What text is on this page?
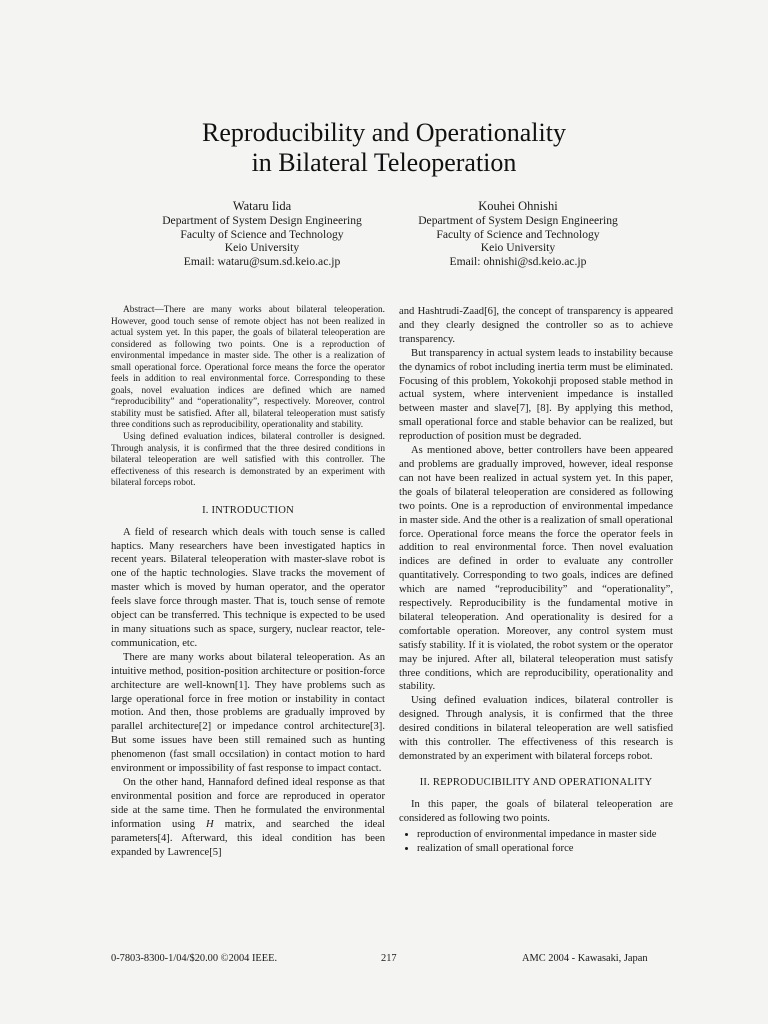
Reproducibility and Operationality
in Bilateral Teleoperation
Wataru Iida
Department of System Design Engineering
Faculty of Science and Technology
Keio University
Email: wataru@sum.sd.keio.ac.jp
Kouhei Ohnishi
Department of System Design Engineering
Faculty of Science and Technology
Keio University
Email: ohnishi@sd.keio.ac.jp

Abstract—There are many works about bilateral teleoperation. However, good touch sense of remote object has not been realized in actual system yet. In this paper, the goals of bilateral teleoperation are considered as following two points. One is a reproduction of environmental impedance in master side. The other is a realization of small operational force. Operational force means the force the operator feels in addition to real environmental force. Corresponding to these goals, novel evaluation indices are defined which are named “reproducibility” and “operationality”, respectively. Moreover, control stability must be satisfied. After all, bilateral teleoperation must satisfy three conditions such as reproducibility, operationality and stability.

Using defined evaluation indices, bilateral controller is designed. Through analysis, it is confirmed that the three desired conditions in bilateral teleoperation are well satisfied with this controller. The effectiveness of this research is demonstrated by an experiment with bilateral forceps robot.

I. INTRODUCTION

A field of research which deals with touch sense is called haptics. Many researchers have been investigated haptics in recent years. Bilateral teleoperation with master-slave robot is one of the haptic technologies. Slave tracks the movement of master which is moved by human operator, and the operator feels slave force through master. That is, touch sense of remote object can be transferred. This technique is expected to be used in many situations such as space, surgery, nuclear reactor, tele-communication, etc.

There are many works about bilateral teleoperation. As an intuitive method, position-position architecture or position-force architecture are well-known[1]. They have problems such as large operational force in free motion or instability in contact motion. And then, those problems are gradually improved by parallel architecture[2] or impedance control architecture[3]. But some issues have been still remained such as hunting phenomenon (fast small occsilation) in contact motion to hard environment or impossibility of fast response to impact contact.

On the other hand, Hannaford defined ideal response as that environmental position and force are reproduced in operator side at the same time. Then he formulated the environmental information using H matrix, and searched the ideal parameters[4]. Afterward, this ideal condition has been expanded by Lawrence[5]

and Hashtrudi-Zaad[6], the concept of transparency is appeared and they clearly designed the controller so as to achieve transparency.

But transparency in actual system leads to instability because the dynamics of robot including inertia term must be eliminated. Focusing of this problem, Yokokohji proposed stable method in actual system, where intervenient impedance is installed between master and slave[7], [8]. By applying this method, small operational force and stable behavior can be realized, but reproduction of position must be degraded.

As mentioned above, better controllers have been appeared and problems are gradually improved, however, ideal response can not have been realized in actual system yet. In this paper, the goals of bilateral teleoperation are considered as following two points. One is a reproduction of environmental impedance in master side. And the other is a realization of small operational force. Operational force means the force the operator feels in addition to real environmental force. Then novel evaluation indices are defined in order to evaluate any controller quantitatively. Corresponding to two goals, indices are defined which are named “reproducibility” and “operationality”, respectively. Reproducibility is the fundamental motive in bilateral teleoperation. And operationality is desired for a comfortable operation. Moreover, any control system must satisfy stability. If it is violated, the robot system or the operator may be injured. After all, bilateral teleoperation must satisfy three conditions, which are reproducibility, operationality and stability.

Using defined evaluation indices, bilateral controller is designed. Through analysis, it is confirmed that the three desired conditions in bilateral teleoperation are well satisfied with this controller. The effectiveness of this research is demonstrated by an experiment with bilateral forceps robot.

II. REPRODUCIBILITY AND OPERATIONALITY

In this paper, the goals of bilateral teleoperation are considered as following two points.

• reproduction of environmental impedance in master side
• realization of small operational force
0-7803-8300-1/04/$20.00 ©2004 IEEE.	217	AMC 2004 - Kawasaki, Japan
